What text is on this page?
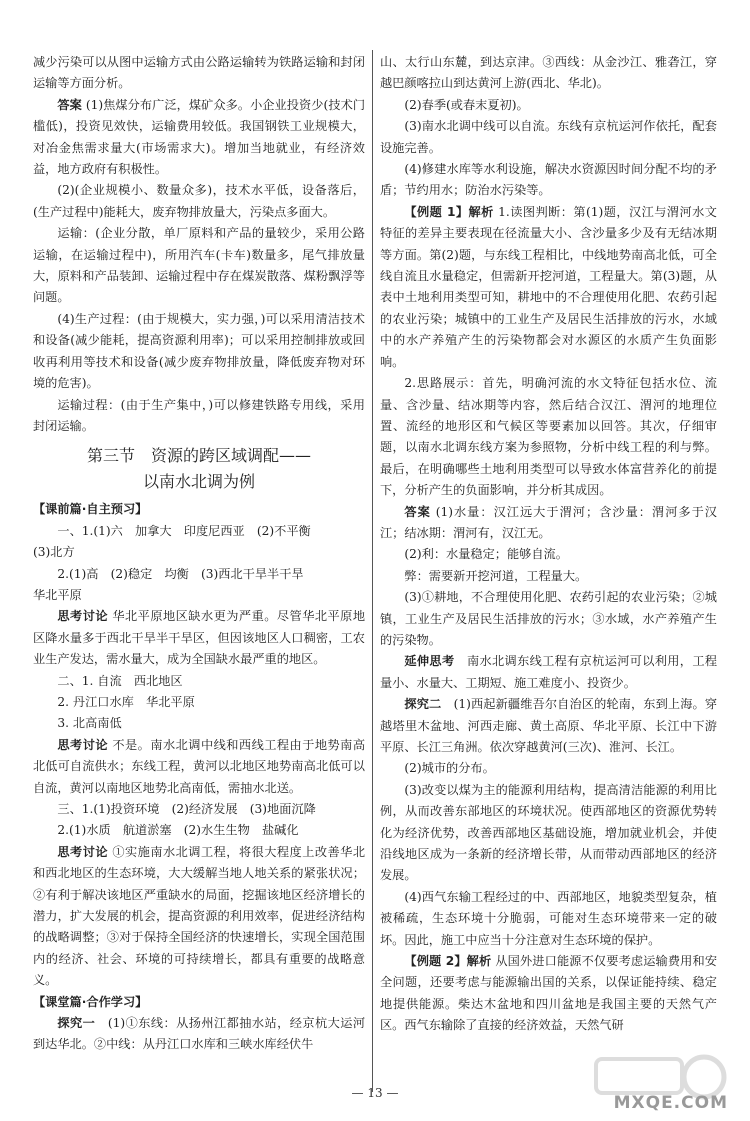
减少污染可以从图中运输方式由公路运输转为铁路运输和封闭运输等方面分析。

答案 (1)焦煤分布广泛，煤矿众多。小企业投资少(技术门槛低)，投资见效快，运输费用较低。我国钢铁工业规模大，对冶金焦需求量大(市场需求大)。增加当地就业，有经济效益，地方政府有积极性。

(2)(企业规模小、数量众多)，技术水平低，设备落后，(生产过程中)能耗大，废弃物排放量大，污染点多面大。

运输：(企业分散，单厂原料和产品的量较少，采用公路运输，在运输过程中)，所用汽车(卡车)数量多，尾气排放量大，原料和产品装卸、运输过程中存在煤炭散落、煤粉飘浮等问题。

(4)生产过程：(由于规模大，实力强，)可以采用清洁技术和设备(减少能耗，提高资源利用率)；可以采用控制排放或回收再利用等技术和设备(减少废弃物排放量，降低废弃物对环境的危害)。

运输过程：(由于生产集中，)可以修建铁路专用线，采用封闭运输。

第三节　资源的跨区域调配——
以南水北调为例

【课前篇·自主预习】

一、1.(1)六　加拿大　印度尼西亚　(2)不平衡

(3)北方

2.(1)高　(2)稳定　均衡　(3)西北干旱半干旱

华北平原

思考讨论 华北平原地区缺水更为严重。尽管华北平原地区降水量多于西北干旱半干旱区，但因该地区人口稠密，工农业生产发达，需水量大，成为全国缺水最严重的地区。

二、1. 自流　西北地区

2. 丹江口水库　华北平原

3. 北高南低

思考讨论 不是。南水北调中线和西线工程由于地势南高北低可自流供水；东线工程，黄河以北地区地势南高北低可以自流，黄河以南地区地势北高南低，需抽水北送。

三、1.(1)投资环境　(2)经济发展　(3)地面沉降

2.(1)水质　航道淤塞　(2)水生生物　盐碱化

思考讨论 ①实施南水北调工程，将很大程度上改善华北和西北地区的生态环境，大大缓解当地人地关系的紧张状况；②有利于解决该地区严重缺水的局面，挖掘该地区经济增长的潜力，扩大发展的机会，提高资源的利用效率，促进经济结构的战略调整；③对于保持全国经济的快速增长，实现全国范围内的经济、社会、环境的可持续增长，都具有重要的战略意义。

【课堂篇·合作学习】

探究一　 (1)①东线：从扬州江都抽水站，经京杭大运河到达华北。②中线：从丹江口水库和三峡水库经伏牛

山、太行山东麓，到达京津。③西线：从金沙江、雅砻江，穿越巴颜喀拉山到达黄河上游(西北、华北)。

(2)春季(或春末夏初)。

(3)南水北调中线可以自流。东线有京杭运河作依托，配套设施完善。

(4)修建水库等水利设施，解决水资源因时间分配不均的矛盾；节约用水；防治水污染等。

【例题 1】解析 1.读图判断：第(1)题，汉江与渭河水文特征的差异主要表现在径流量大小、含沙量多少及有无结冰期等方面。第(2)题，与东线工程相比，中线地势南高北低，可全线自流且水量稳定，但需新开挖河道，工程量大。第(3)题，从表中土地利用类型可知，耕地中的不合理使用化肥、农药引起的农业污染；城镇中的工业生产及居民生活排放的污水，水域中的水产养殖产生的污染物都会对水源区的水质产生负面影响。

2.思路展示：首先，明确河流的水文特征包括水位、流量、含沙量、结冰期等内容，然后结合汉江、渭河的地理位置、流经的地形区和气候区等要素加以回答。其次，仔细审题，以南水北调东线方案为参照物，分析中线工程的利与弊。最后，在明确哪些土地利用类型可以导致水体富营养化的前提下，分析产生的负面影响，并分析其成因。

答案 (1)水量：汉江远大于渭河；含沙量：渭河多于汉江；结冰期：渭河有，汉江无。

(2)利：水量稳定；能够自流。

弊：需要新开挖河道，工程量大。

(3)①耕地，不合理使用化肥、农药引起的农业污染；②城镇，工业生产及居民生活排放的污水；③水域，水产养殖产生的污染物。

延伸思考　 南水北调东线工程有京杭运河可以利用，工程量小、水量大、工期短、施工难度小、投资少。

探究二　 (1)西起新疆维吾尔自治区的轮南，东到上海。穿越塔里木盆地、河西走廊、黄土高原、华北平原、长江中下游平原、长江三角洲。依次穿越黄河(三次)、淮河、长江。

(2)城市的分布。

(3)改变以煤为主的能源利用结构，提高清洁能源的利用比例，从而改善东部地区的环境状况。使西部地区的资源优势转化为经济优势，改善西部地区基础设施，增加就业机会，并使沿线地区成为一条新的经济增长带，从而带动西部地区的经济发展。

(4)西气东输工程经过的中、西部地区，地貌类型复杂，植被稀疏，生态环境十分脆弱，可能对生态环境带来一定的破坏。因此，施工中应当十分注意对生态环境的保护。

【例题 2】解析 从国外进口能源不仅要考虑运输费用和安全问题，还要考虑与能源输出国的关系，以保证能持续、稳定地提供能源。柴达木盆地和四川盆地是我国主要的天然气产区。西气东输除了直接的经济效益，天然气研

— 13 —	MXQE.COM
